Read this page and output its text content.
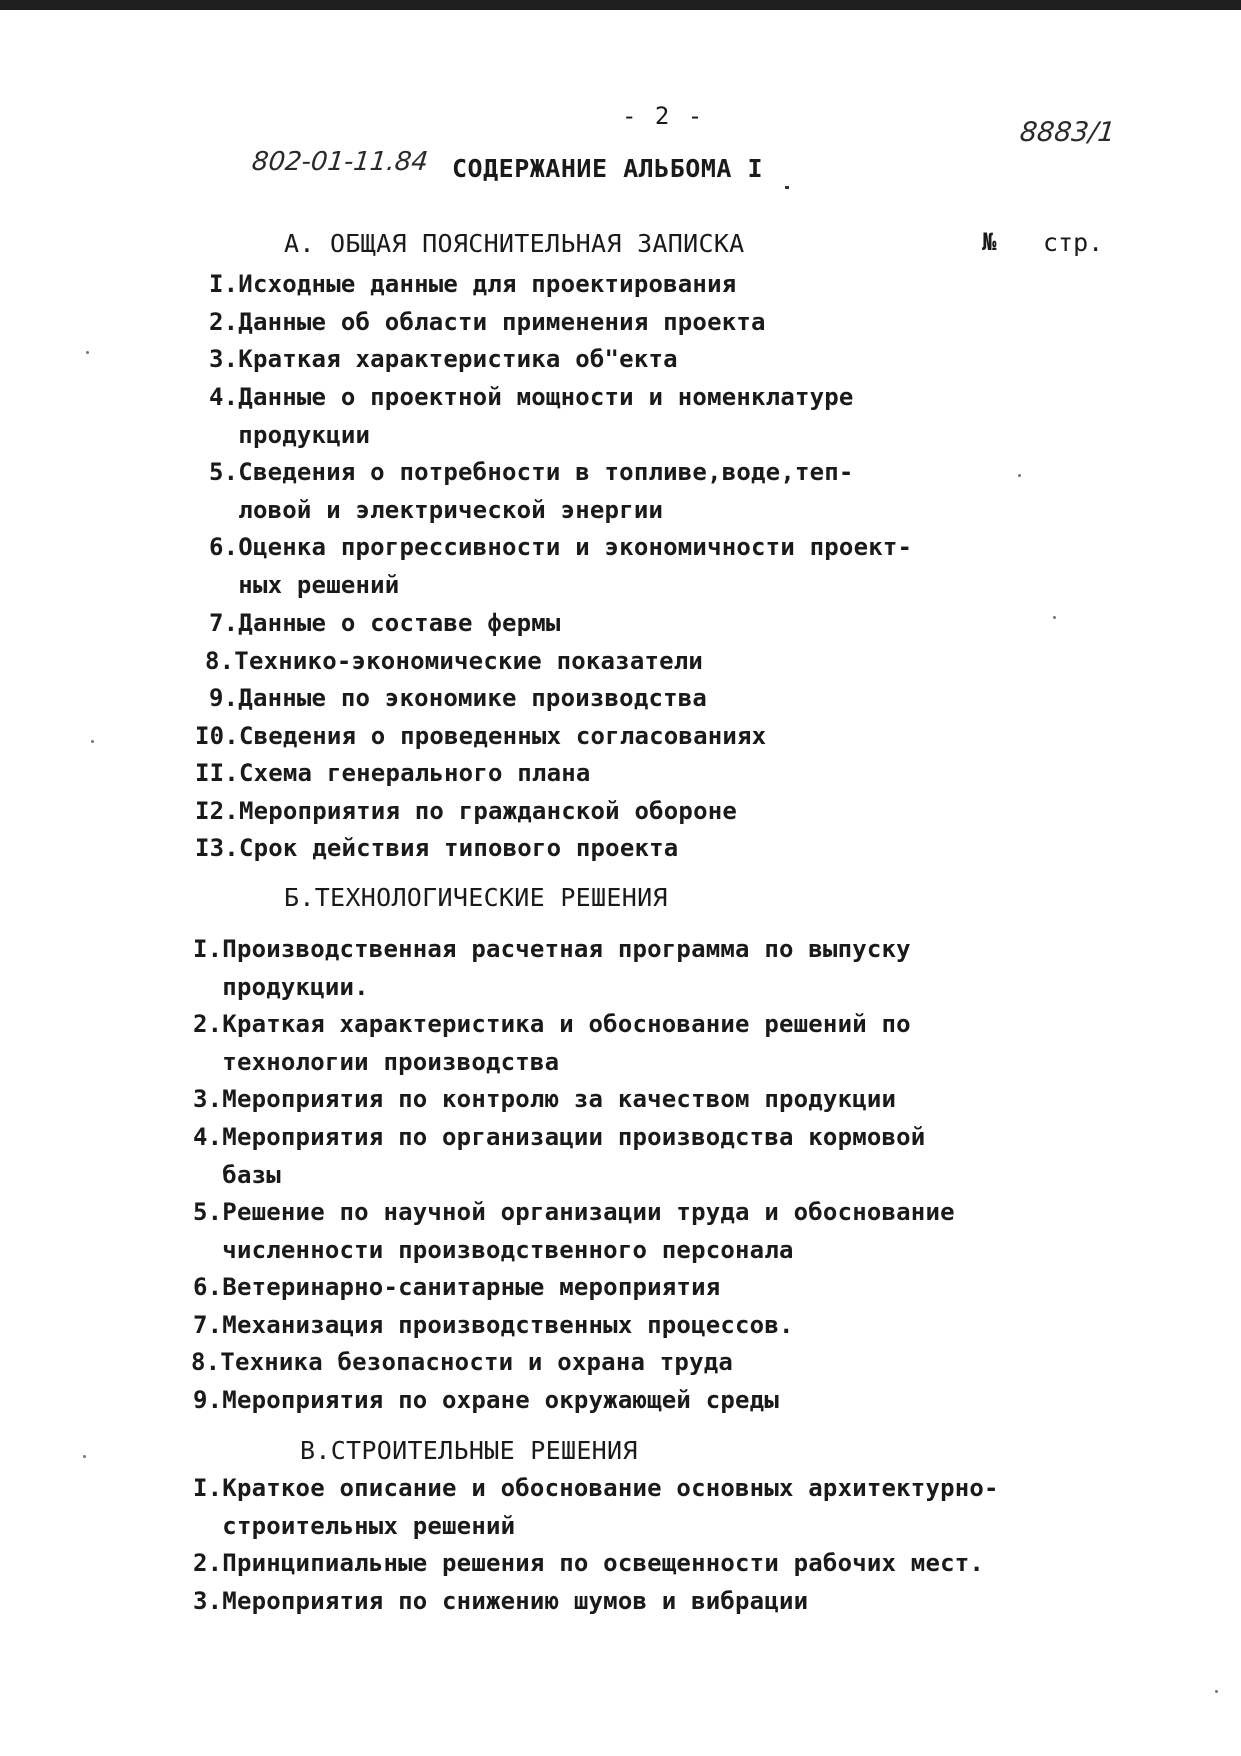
- 2 -
802-01-11.84
8883/1
СОДЕРЖАНИЕ АЛЬБОМА I
№ стр.
А. ОБЩАЯ ПОЯСНИТЕЛЬНАЯ ЗАПИСКА
I.Исходные данные для проектирования
2.Данные об области применения проекта
3.Краткая характеристика об"екта
4.Данные о проектной мощности и номенклатуре
продукции
5.Сведения о потребности в топливе,воде,теп-
ловой и электрической энергии
6.Оценка прогрессивности и экономичности проект-
ных решений
7.Данные о составе фермы
8.Технико-экономические показатели
9.Данные по экономике производства
I0.Сведения о проведенных согласованиях
II.Схема генерального плана
I2.Мероприятия по гражданской обороне
I3.Срок действия типового проекта
Б.ТЕХНОЛОГИЧЕСКИЕ РЕШЕНИЯ
I.Производственная расчетная программа по выпуску
продукции.
2.Краткая характеристика и обоснование решений по
технологии производства
3.Мероприятия по контролю за качеством продукции
4.Мероприятия по организации производства кормовой
базы
5.Решение по научной организации труда и обоснование
численности производственного персонала
6.Ветеринарно-санитарные мероприятия
7.Механизация производственных процессов.
8.Техника безопасности и охрана труда
9.Мероприятия по охране окружающей среды
В.СТРОИТЕЛЬНЫЕ РЕШЕНИЯ
I.Краткое описание и обоснование основных архитектурно-
строительных решений
2.Принципиальные решения по освещенности рабочих мест.
3.Мероприятия по снижению шумов и вибрации
